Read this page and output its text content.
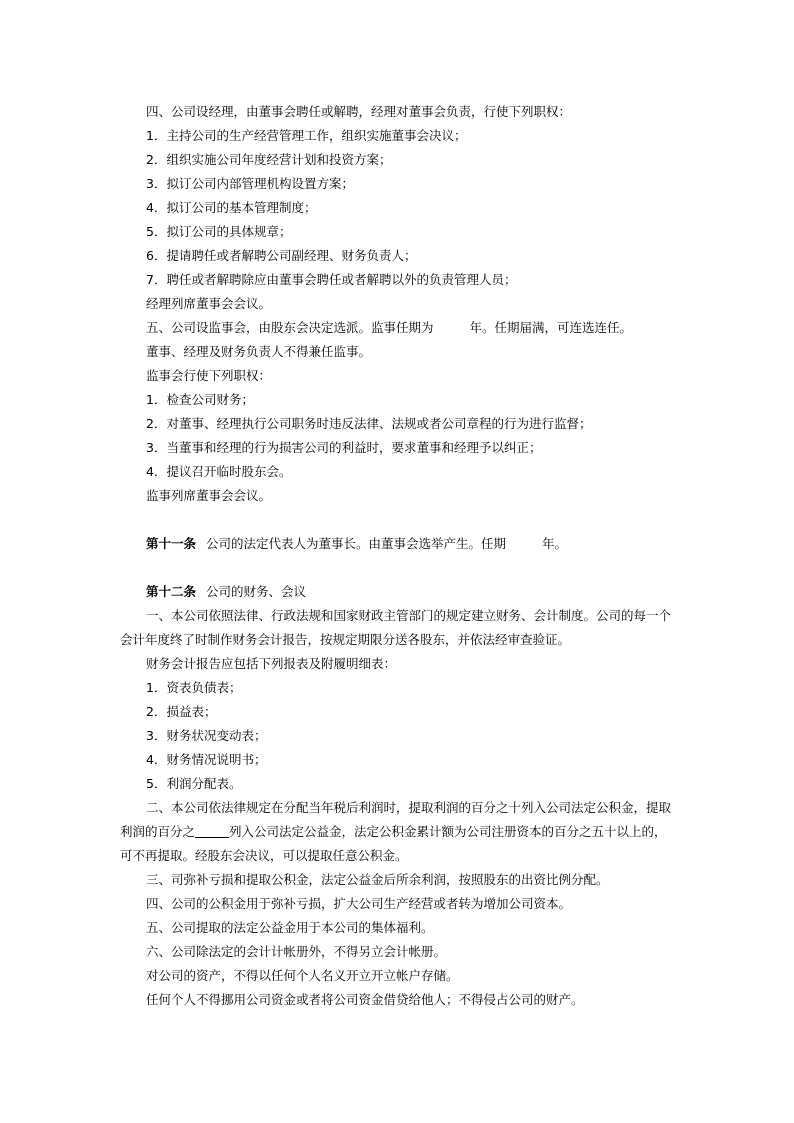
四、公司设经理，由董事会聘任或解聘，经理对董事会负责，行使下列职权：
1．主持公司的生产经营管理工作，组织实施董事会决议；
2．组织实施公司年度经营计划和投资方案；
3．拟订公司内部管理机构设置方案；
4．拟订公司的基本管理制度；
5．拟订公司的具体规章；
6．提请聘任或者解聘公司副经理、财务负责人；
7．聘任或者解聘除应由董事会聘任或者解聘以外的负责管理人员；
经理列席董事会会议。
五、公司设监事会，由股东会决定选派。监事任期为	年。任期届满，可连选连任。
董事、经理及财务负责人不得兼任监事。
监事会行使下列职权：
1．检查公司财务；
2．对董事、经理执行公司职务时违反法律、法规或者公司章程的行为进行监督；
3．当董事和经理的行为损害公司的利益时，要求董事和经理予以纠正；
4．提议召开临时股东会。
监事列席董事会会议。
第十一条 公司的法定代表人为董事长。由董事会选举产生。任期	年。
第十二条 公司的财务、会议
一、本公司依照法律、行政法规和国家财政主管部门的规定建立财务、会计制度。公司的每一个会计年度终了时制作财务会计报告，按规定期限分送各股东，并依法经审查验证。
财务会计报告应包括下列报表及附履明细表：
1．资表负债表；
2．损益表；
3．财务状况变动表；
4．财务情况说明书；
5．利润分配表。
二、本公司依法律规定在分配当年税后利润时，提取利润的百分之十列入公司法定公积金，提取利润的百分之	列入公司法定公益金，法定公积金累计额为公司注册资本的百分之五十以上的，可不再提取。经股东会决议，可以提取任意公积金。
三、司弥补亏损和提取公积金，法定公益金后所余利润，按照股东的出资比例分配。
四、公司的公积金用于弥补亏损，扩大公司生产经营或者转为增加公司资本。
五、公司提取的法定公益金用于本公司的集体福利。
六、公司除法定的会计计帐册外，不得另立会计帐册。
对公司的资产，不得以任何个人名义开立开立帐户存储。
任何个人不得挪用公司资金或者将公司资金借贷给他人；不得侵占公司的财产。
